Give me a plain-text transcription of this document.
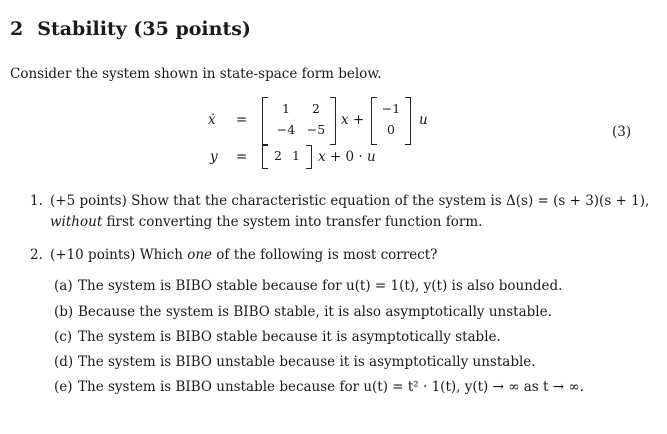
2 Stability (35 points)
Consider the system shown in state-space form below.
ẋ =
1	2
−4 −5
x +
−1
0
u
(3)
y =	2 1	x + 0 · u
1. (+5 points) Show that the characteristic equation of the system is Δ(s) = (s + 3)(s + 1),
without first converting the system into transfer function form.
2. (+10 points) Which one of the following is most correct?
(a) The system is BIBO stable because for u(t) = 1(t), y(t) is also bounded.
(b) Because the system is BIBO stable, it is also asymptotically unstable.
(c) The system is BIBO stable because it is asymptotically stable.
(d) The system is BIBO unstable because it is asymptotically unstable.
(e) The system is BIBO unstable because for u(t) = t² · 1(t), y(t) → ∞ as t → ∞.
